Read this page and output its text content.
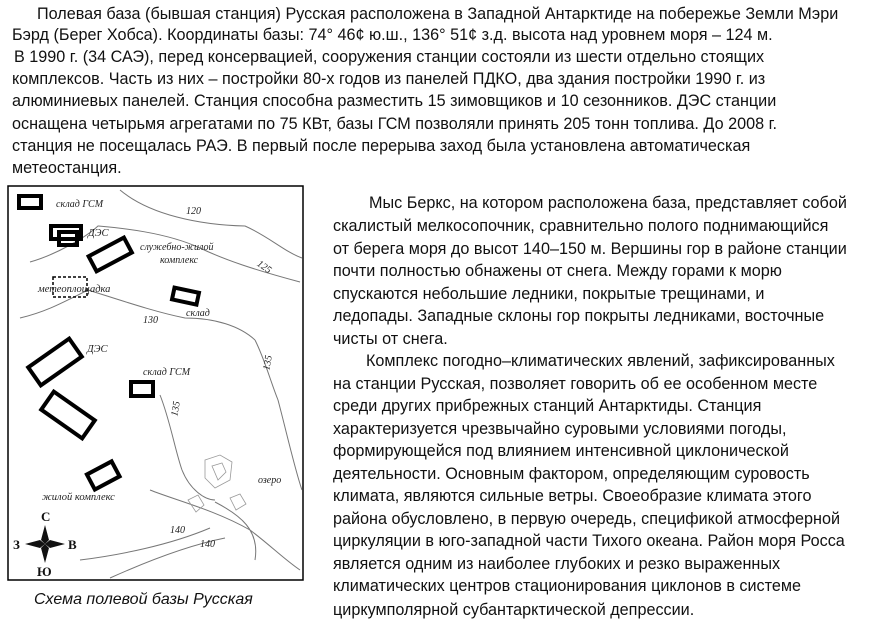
Полевая база (бывшая станция) Русская расположена в Западной Антарктиде на побережье Земли Мэри
Бэрд (Берег Хобса). Координаты базы: 74° 46¢ ю.ш., 136° 51¢ з.д. высота над уровнем моря – 124 м.
В 1990 г. (34 САЭ), перед консервацией, сооружения станции состояли из шести отдельно стоящих
комплексов. Часть из них – постройки 80-х годов из панелей ПДКО, два здания постройки 1990 г. из
алюминиевых панелей. Станция способна разместить 15 зимовщиков и 10 сезонников. ДЭС станции
оснащена четырьмя агрегатами по 75 КВт, базы ГСМ позволяли принять 205 тонн топлива. До 2008 г.
станция не посещалась РАЭ. В первый после перерыва заход была установлена автоматическая
метеостанция.
Мыс Беркс, на котором расположена база, представляет собой
скалистый мелкосопочник, сравнительно полого поднимающийся
от берега моря до высот 140–150 м. Вершины гор в районе станции
почти полностью обнажены от снега. Между горами к морю
спускаются небольшие ледники, покрытые трещинами, и
ледопады. Западные склоны гор покрыты ледниками, восточные
чисты от снега.
Комплекс погодно–климатических явлений, зафиксированных
на станции Русская, позволяет говорить об ее особенном месте
среди других прибрежных станций Антарктиды. Станция
характеризуется чрезвычайно суровыми условиями погоды,
формирующейся под влиянием интенсивной циклонической
деятельности. Основным фактором, определяющим суровость
климата, являются сильные ветры. Своеобразие климата этого
района обусловлено, в первую очередь, спецификой атмосферной
циркуляции в юго-западной части Тихого океана. Район моря Росса
является одним из наиболее глубоких и резко выраженных
климатических центров стационирования циклонов в системе
циркумполярной субантарктической депрессии.
склад ГСМ
ДЭС
служебно-жилой
комплекс
метеоплощадка
склад
ДЭС
склад ГСМ
жилой комплекс
озеро
120
125
130
135
135
140
140
С
Ю
З	В
Схема полевой базы Русская
